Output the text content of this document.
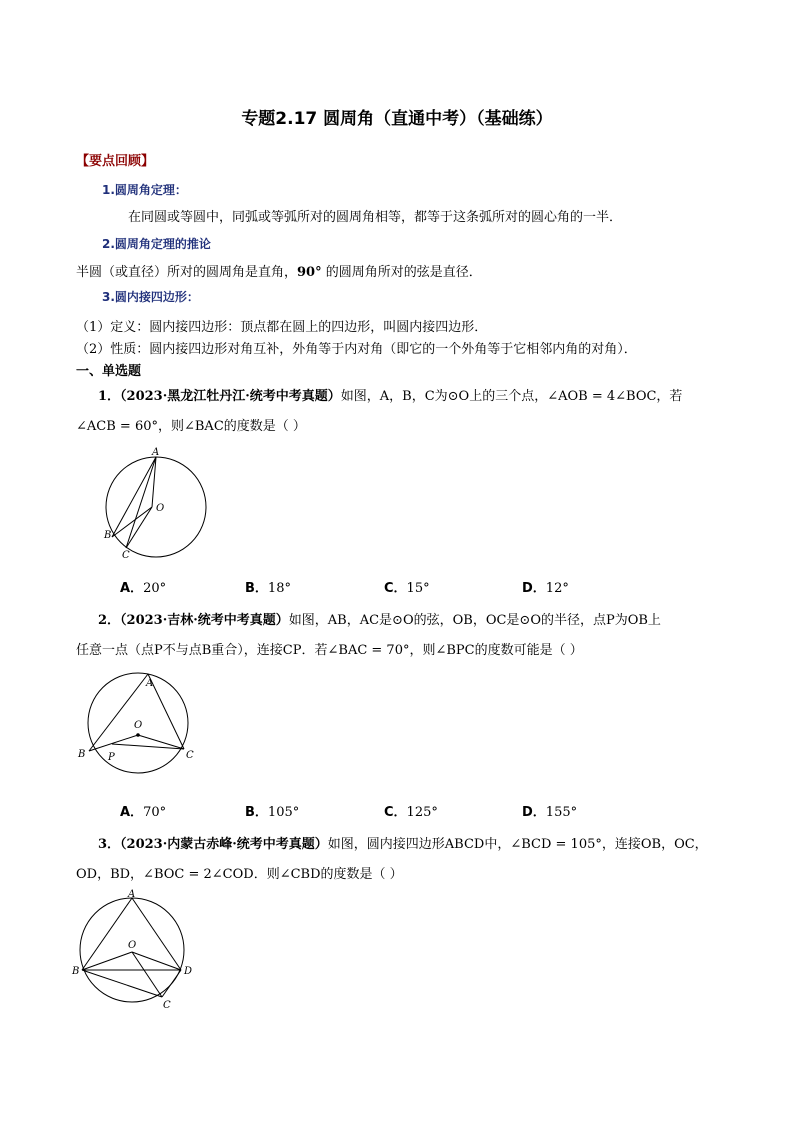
专题2.17 圆周角（直通中考）（基础练）
【要点回顾】
1.圆周角定理：
在同圆或等圆中，同弧或等弧所对的圆周角相等，都等于这条弧所对的圆心角的一半．
2.圆周角定理的推论
半圆（或直径）所对的圆周角是直角，90° 的圆周角所对的弦是直径．
3.圆内接四边形：
（1）定义：圆内接四边形：顶点都在圆上的四边形，叫圆内接四边形．
（2）性质：圆内接四边形对角互补，外角等于内对角（即它的一个外角等于它相邻内角的对角）．
一、单选题
1．（2023·黑龙江牡丹江·统考中考真题）如图，A，B，C为⊙O上的三个点，∠AOB = 4∠BOC，若
∠ACB = 60°，则∠BAC的度数是（ ）
A
B
C
O
A．20°	B．18°	C．15°	D．12°
2．（2023·吉林·统考中考真题）如图，AB，AC是⊙O的弦，OB，OC是⊙O的半径，点P为OB上
任意一点（点P不与点B重合），连接CP．若∠BAC = 70°，则∠BPC的度数可能是（ ）
A
B	C
O
P
A．70°	B．105°	C．125°	D．155°
3．（2023·内蒙古赤峰·统考中考真题）如图，圆内接四边形ABCD中，∠BCD = 105°，连接OB，OC，
OD，BD，∠BOC = 2∠COD．则∠CBD的度数是（ ）
A
B
C
D
O
